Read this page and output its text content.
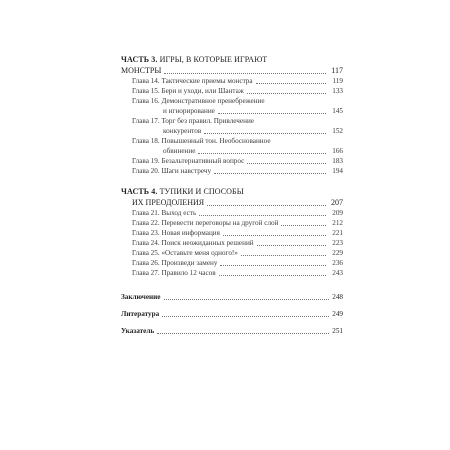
ЧАСТЬ 3. ИГРЫ, В КОТОРЫЕ ИГРАЮТ
МОНСТРЫ	117
Глава 14. Тактические приемы монстра	119
Глава 15. Бери и уходи, или Шантаж	133
Глава 16. Демонстративное пренебрежение
и игнорирование	145
Глава 17. Торг без правил. Привлечение
конкурентов	152
Глава 18. Повышенный тон. Необоснованное
обвинение	166
Глава 19. Безальтернативный вопрос	183
Глава 20. Шаги навстречу	194
ЧАСТЬ 4. ТУПИКИ И СПОСОБЫ
ИХ ПРЕОДОЛЕНИЯ	207
Глава 21. Выход есть	209
Глава 22. Перевести переговоры на другой слой	212
Глава 23. Новая информация	221
Глава 24. Поиск неожиданных решений	223
Глава 25. «Оставьте меня одного!»	229
Глава 26. Произведи замену	236
Глава 27. Правило 12 часов	243
Заключение	248
Литература	249
Указатель	251
